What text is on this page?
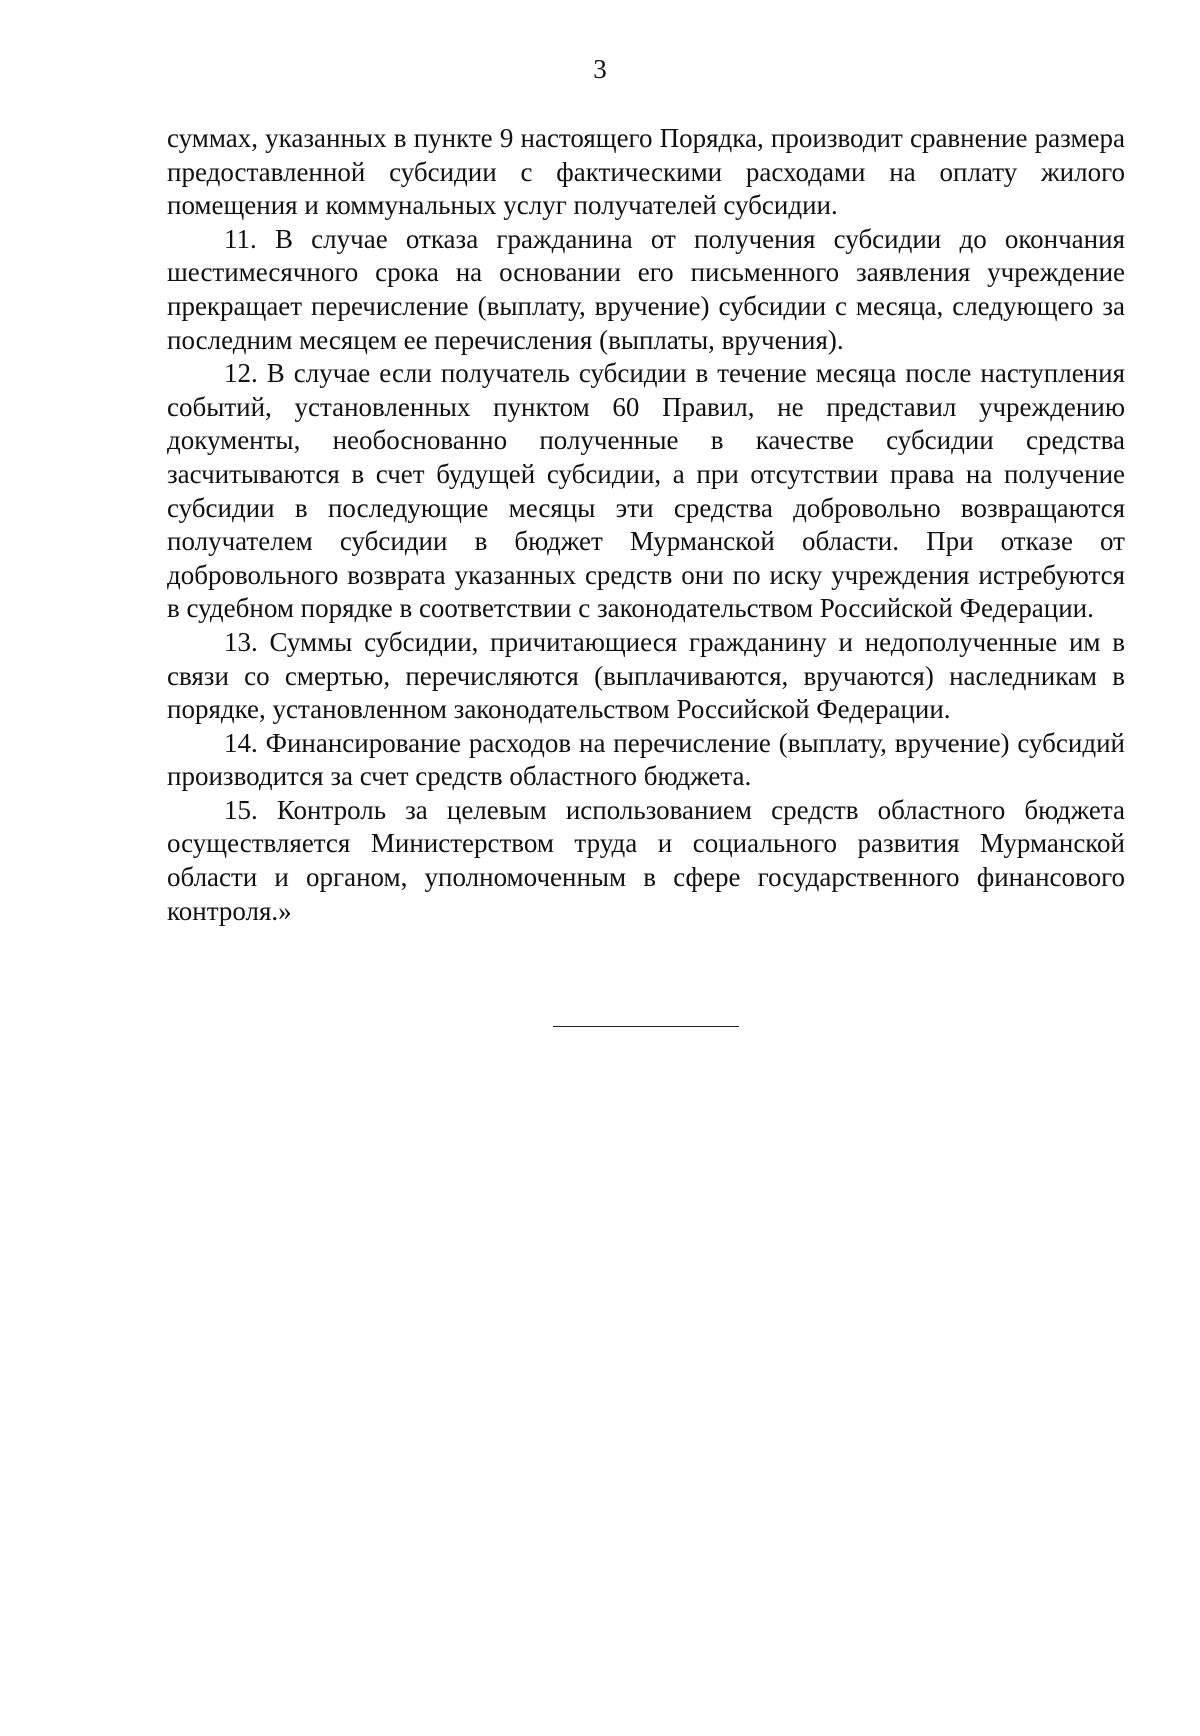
3

суммах, указанных в пункте 9 настоящего Порядка, производит сравнение размера предоставленной субсидии с фактическими расходами на оплату жилого помещения и коммунальных услуг получателей субсидии.

11. В случае отказа гражданина от получения субсидии до окончания шестимесячного срока на основании его письменного заявления учреждение прекращает перечисление (выплату, вручение) субсидии с месяца, следующего за последним месяцем ее перечисления (выплаты, вручения).

12. В случае если получатель субсидии в течение месяца после наступления событий, установленных пунктом 60 Правил, не представил учреждению документы, необоснованно полученные в качестве субсидии средства засчитываются в счет будущей субсидии, а при отсутствии права на получение субсидии в последующие месяцы эти средства добровольно возвращаются получателем субсидии в бюджет Мурманской области. При отказе от добровольного возврата указанных средств они по иску учреждения истребуются в судебном порядке в соответствии с законодательством Российской Федерации.

13. Суммы субсидии, причитающиеся гражданину и недополученные им в связи со смертью, перечисляются (выплачиваются, вручаются) наследникам в порядке, установленном законодательством Российской Федерации.

14. Финансирование расходов на перечисление (выплату, вручение) субсидий производится за счет средств областного бюджета.

15. Контроль за целевым использованием средств областного бюджета осуществляется Министерством труда и социального развития Мурманской области и органом, уполномоченным в сфере государственного финансового контроля.»
